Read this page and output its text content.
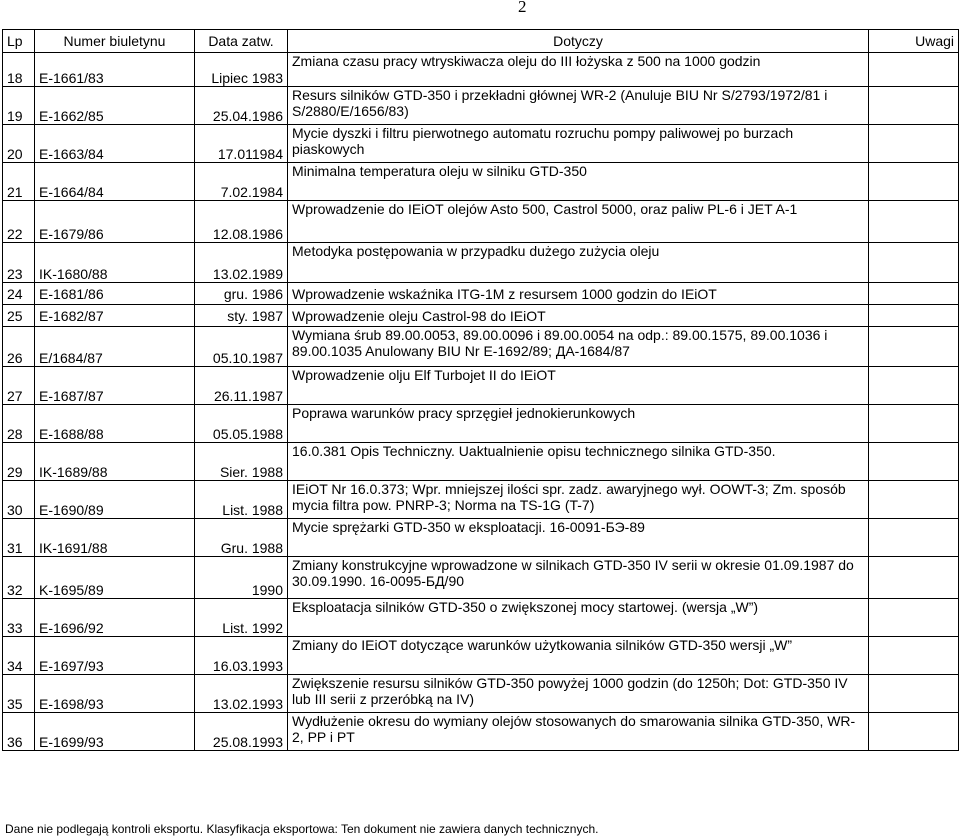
2
Lp	Numer biuletynu	Data zatw.	Dotyczy	Uwagi
18	E-1661/83	Lipiec 1983	Zmiana czasu pracy wtryskiwacza oleju do III łożyska z 500 na 1000 godzin	
19	E-1662/85	25.04.1986	Resurs silników GTD-350 i przekładni głównej WR-2 (Anuluje BIU Nr S/2793/1972/81 i S/2880/E/1656/83)	
20	E-1663/84	17.011984	Mycie dyszki i filtru pierwotnego automatu rozruchu pompy paliwowej po burzach piaskowych	
21	E-1664/84	7.02.1984	Minimalna temperatura oleju w silniku GTD-350	
22	E-1679/86	12.08.1986	Wprowadzenie do IEiOT olejów Asto 500, Castrol 5000, oraz paliw PL-6 i JET A-1	
23	IK-1680/88	13.02.1989	Metodyka postępowania w przypadku dużego zużycia oleju	
24	E-1681/86	gru. 1986	Wprowadzenie wskaźnika ITG-1M z resursem 1000 godzin do IEiOT	
25	E-1682/87	sty. 1987	Wprowadzenie oleju Castrol-98 do IEiOT	
26	E/1684/87	05.10.1987	Wymiana śrub 89.00.0053, 89.00.0096 i 89.00.0054 na odp.: 89.00.1575, 89.00.1036 i 89.00.1035 Anulowany BIU Nr E-1692/89; ДА-1684/87	
27	E-1687/87	26.11.1987	Wprowadzenie olju Elf Turbojet II do IEiOT	
28	E-1688/88	05.05.1988	Poprawa warunków pracy sprzęgieł jednokierunkowych	
29	IK-1689/88	Sier. 1988	16.0.381 Opis Techniczny. Uaktualnienie opisu technicznego silnika GTD-350.	
30	E-1690/89	List. 1988	IEiOT Nr 16.0.373; Wpr. mniejszej ilości spr. zadz. awaryjnego wył. OOWT-3; Zm. sposób mycia filtra pow. PNRP-3; Norma na TS-1G (T-7)	
31	IK-1691/88	Gru. 1988	Mycie sprężarki GTD-350 w eksploatacji. 16-0091-БЭ-89	
32	K-1695/89	1990	Zmiany konstrukcyjne wprowadzone w silnikach GTD-350 IV serii w okresie 01.09.1987 do 30.09.1990. 16-0095-БД/90	
33	E-1696/92	List. 1992	Eksploatacja silników GTD-350 o zwiększonej mocy startowej. (wersja „W”)	
34	E-1697/93	16.03.1993	Zmiany do IEiOT dotyczące warunków użytkowania silników GTD-350 wersji „W”	
35	E-1698/93	13.02.1993	Zwiększenie resursu silników GTD-350 powyżej 1000 godzin (do 1250h; Dot: GTD-350 IV lub III serii z przeróbką na IV)	
36	E-1699/93	25.08.1993	Wydłużenie okresu do wymiany olejów stosowanych do smarowania silnika GTD-350, WR-2, PP i PT	
Dane nie podlegają kontroli eksportu. Klasyfikacja eksportowa: Ten dokument nie zawiera danych technicznych.
